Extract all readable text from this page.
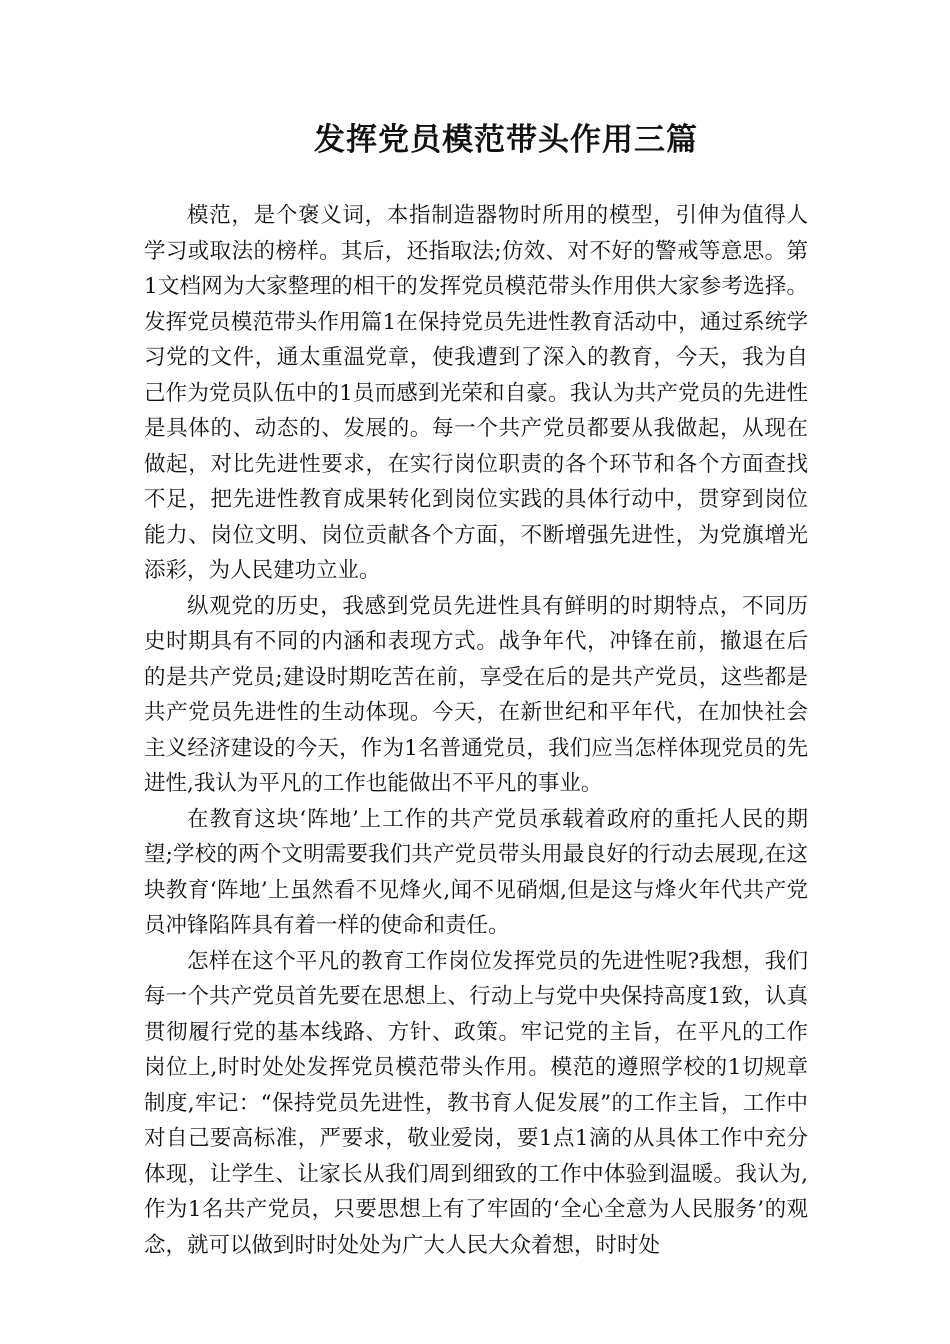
发挥党员模范带头作用三篇

模范，是个褒义词，本指制造器物时所用的模型，引伸为值得人学习或取法的榜样。其后，还指取法;仿效、对不好的警戒等意思。第1文档网为大家整理的相干的发挥党员模范带头作用供大家参考选择。发挥党员模范带头作用篇1在保持党员先进性教育活动中，通过系统学习党的文件，通太重温党章，使我遭到了深入的教育，今天，我为自己作为党员队伍中的1员而感到光荣和自豪。我认为共产党员的先进性是具体的、动态的、发展的。每一个共产党员都要从我做起，从现在做起，对比先进性要求，在实行岗位职责的各个环节和各个方面查找不足，把先进性教育成果转化到岗位实践的具体行动中，贯穿到岗位能力、岗位文明、岗位贡献各个方面，不断增强先进性，为党旗增光添彩，为人民建功立业。

纵观党的历史，我感到党员先进性具有鲜明的时期特点，不同历史时期具有不同的内涵和表现方式。战争年代，冲锋在前，撤退在后的是共产党员;建设时期吃苦在前，享受在后的是共产党员，这些都是共产党员先进性的生动体现。今天，在新世纪和平年代，在加快社会主义经济建设的今天，作为1名普通党员，我们应当怎样体现党员的先进性,我认为平凡的工作也能做出不平凡的事业。

在教育这块‘阵地’上工作的共产党员承载着政府的重托人民的期望;学校的两个文明需要我们共产党员带头用最良好的行动去展现,在这块教育‘阵地’上虽然看不见烽火,闻不见硝烟,但是这与烽火年代共产党员冲锋陷阵具有着一样的使命和责任。

怎样在这个平凡的教育工作岗位发挥党员的先进性呢?我想，我们每一个共产党员首先要在思想上、行动上与党中央保持高度1致，认真贯彻履行党的基本线路、方针、政策。牢记党的主旨，在平凡的工作岗位上,时时处处发挥党员模范带头作用。模范的遵照学校的1切规章制度,牢记：“保持党员先进性，教书育人促发展”的工作主旨，工作中对自己要高标准，严要求，敬业爱岗，要1点1滴的从具体工作中充分体现，让学生、让家长从我们周到细致的工作中体验到温暖。我认为,作为1名共产党员，只要思想上有了牢固的‘全心全意为人民服务’的观念，就可以做到时时处处为广大人民大众着想，时时处
